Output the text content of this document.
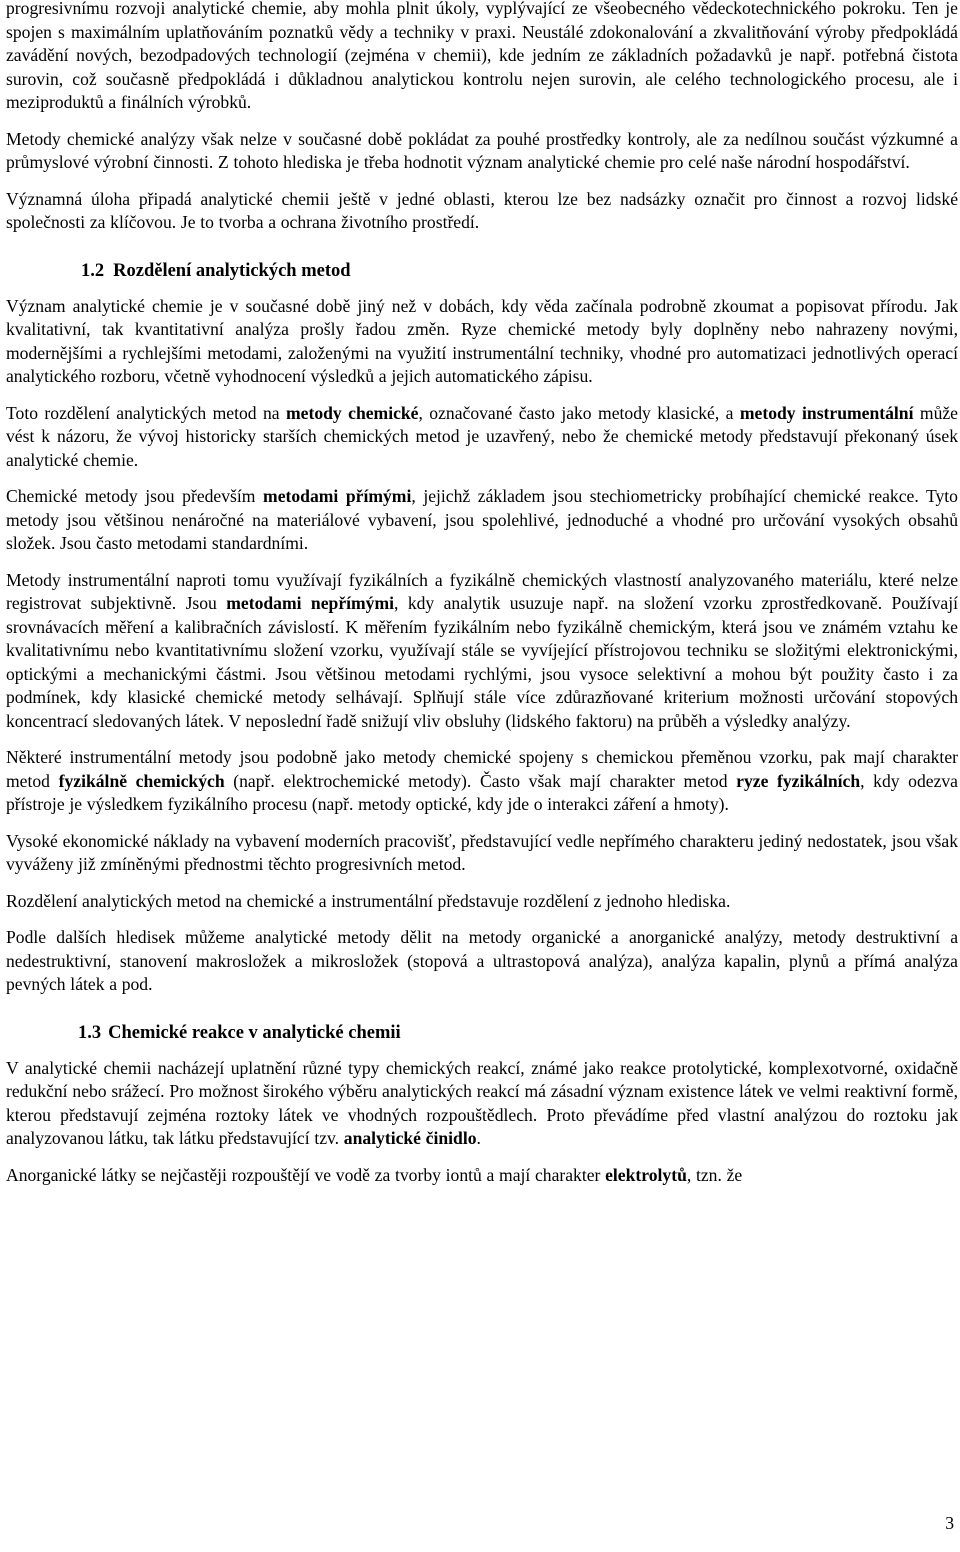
progresivnímu rozvoji analytické chemie, aby mohla plnit úkoly, vyplývající ze všeobecného vědeckotechnického pokroku. Ten je spojen s maximálním uplatňováním poznatků vědy a techniky v praxi. Neustálé zdokonalování a zkvalitňování výroby předpokládá zavádění nových, bezodpadových technologií (zejména v chemii), kde jedním ze základních požadavků je např. potřebná čistota surovin, což současně předpokládá i důkladnou analytickou kontrolu nejen surovin, ale celého technologického procesu, ale i meziproduktů a finálních výrobků.

Metody chemické analýzy však nelze v současné době pokládat za pouhé prostředky kontroly, ale za nedílnou součást výzkumné a průmyslové výrobní činnosti. Z tohoto hlediska je třeba hodnotit význam analytické chemie pro celé naše národní hospodářství.

Významná úloha připadá analytické chemii ještě v jedné oblasti, kterou lze bez nadsázky označit pro činnost a rozvoj lidské společnosti za klíčovou. Je to tvorba a ochrana životního prostředí.

1.2 Rozdělení analytických metod

Význam analytické chemie je v současné době jiný než v dobách, kdy věda začínala podrobně zkoumat a popisovat přírodu. Jak kvalitativní, tak kvantitativní analýza prošly řadou změn. Ryze chemické metody byly doplněny nebo nahrazeny novými, modernějšími a rychlejšími metodami, založenými na využití instrumentální techniky, vhodné pro automatizaci jednotlivých operací analytického rozboru, včetně vyhodnocení výsledků a jejich automatického zápisu.

Toto rozdělení analytických metod na metody chemické, označované často jako metody klasické, a metody instrumentální může vést k názoru, že vývoj historicky starších chemických metod je uzavřený, nebo že chemické metody představují překonaný úsek analytické chemie.

Chemické metody jsou především metodami přímými, jejichž základem jsou stechiometricky probíhající chemické reakce. Tyto metody jsou většinou nenáročné na materiálové vybavení, jsou spolehlivé, jednoduché a vhodné pro určování vysokých obsahů složek. Jsou často metodami standardními.

Metody instrumentální naproti tomu využívají fyzikálních a fyzikálně chemických vlastností analyzovaného materiálu, které nelze registrovat subjektivně. Jsou metodami nepřímými, kdy analytik usuzuje např. na složení vzorku zprostředkovaně. Používají srovnávacích měření a kalibračních závislostí. K měřením fyzikálním nebo fyzikálně chemickým, která jsou ve známém vztahu ke kvalitativnímu nebo kvantitativnímu složení vzorku, využívají stále se vyvíjející přístrojovou techniku se složitými elektronickými, optickými a mechanickými částmi. Jsou většinou metodami rychlými, jsou vysoce selektivní a mohou být použity často i za podmínek, kdy klasické chemické metody selhávají. Splňují stále více zdůrazňované kriterium možnosti určování stopových koncentrací sledovaných látek. V neposlední řadě snižují vliv obsluhy (lidského faktoru) na průběh a výsledky analýzy.

Některé instrumentální metody jsou podobně jako metody chemické spojeny s chemickou přeměnou vzorku, pak mají charakter metod fyzikálně chemických (např. elektrochemické metody). Často však mají charakter metod ryze fyzikálních, kdy odezva přístroje je výsledkem fyzikálního procesu (např. metody optické, kdy jde o interakci záření a hmoty).

Vysoké ekonomické náklady na vybavení moderních pracovišť, představující vedle nepřímého charakteru jediný nedostatek, jsou však vyváženy již zmíněnými přednostmi těchto progresivních metod.

Rozdělení analytických metod na chemické a instrumentální představuje rozdělení z jednoho hlediska.

Podle dalších hledisek můžeme analytické metody dělit na metody organické a anorganické analýzy, metody destruktivní a nedestruktivní, stanovení makrosložek a mikrosložek (stopová a ultrastopová analýza), analýza kapalin, plynů a přímá analýza pevných látek a pod.

1.3 Chemické reakce v analytické chemii

V analytické chemii nacházejí uplatnění různé typy chemických reakcí, známé jako reakce protolytické, komplexotvorné, oxidačně redukční nebo srážecí. Pro možnost širokého výběru analytických reakcí má zásadní význam existence látek ve velmi reaktivní formě, kterou představují zejména roztoky látek ve vhodných rozpouštědlech. Proto převádíme před vlastní analýzou do roztoku jak analyzovanou látku, tak látku představující tzv. analytické činidlo.

Anorganické látky se nejčastěji rozpouštějí ve vodě za tvorby iontů a mají charakter elektrolytů, tzn. že

3
